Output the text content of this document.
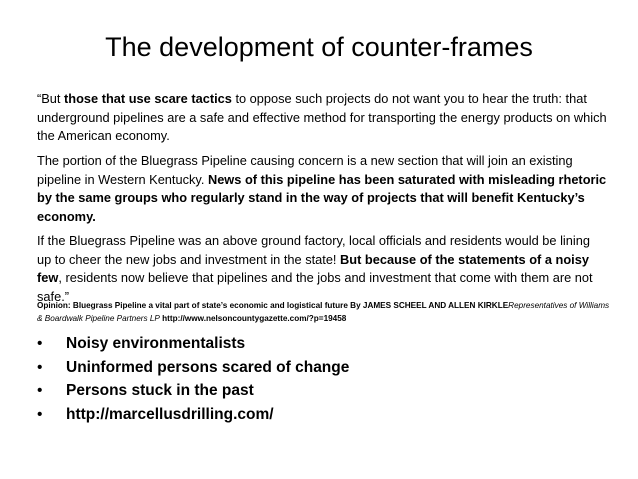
The development of counter-frames
“But those that use scare tactics to oppose such projects do not want you to hear the truth: that underground pipelines are a safe and effective method for transporting the energy products on which the American economy.
The portion of the Bluegrass Pipeline causing concern is a new section that will join an existing pipeline in Western Kentucky. News of this pipeline has been saturated with misleading rhetoric by the same groups who regularly stand in the way of projects that will benefit Kentucky’s economy.
If the Bluegrass Pipeline was an above ground factory, local officials and residents would be lining up to cheer the new jobs and investment in the state! But because of the statements of a noisy few, residents now believe that pipelines and the jobs and investment that come with them are not safe.”
Opinion: Bluegrass Pipeline a vital part of state’s economic and logistical future By JAMES SCHEEL AND ALLEN KIRKLERepresentatives of Williams & Boardwalk Pipeline Partners LP http://www.nelsoncountygazette.com/?p=19458
• Noisy environmentalists
• Uninformed persons scared of change
• Persons stuck in the past
• http://marcellusdrilling.com/
